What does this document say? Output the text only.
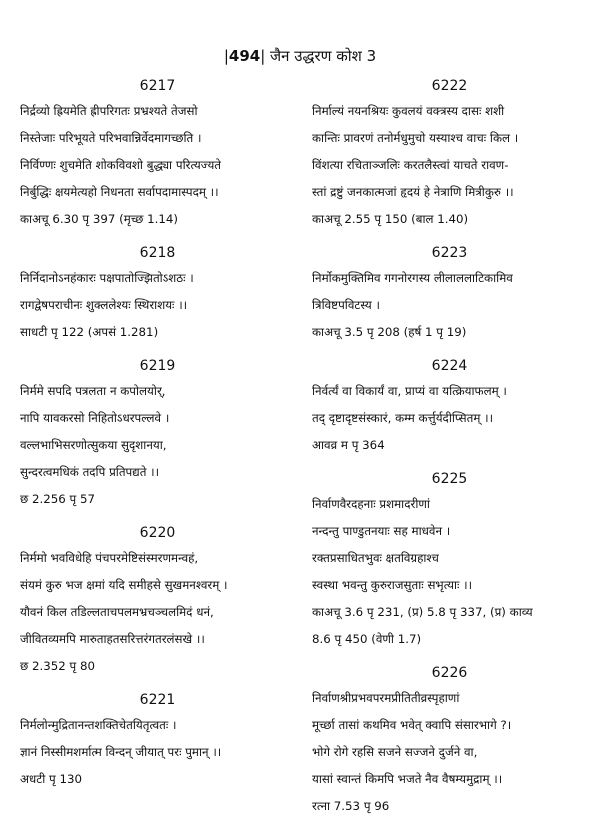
|494| जैन उद्धरण कोश 3
6217
निर्द्रव्यो ह्रियमेति ह्रीपरिगतः प्रभ्रश्यते तेजसो
निस्तेजाः परिभूयते परिभवान्निर्वेदमागच्छति ।
निर्विण्णः शुचमेति शोकविवशो बुद्ध्या परित्यज्यते
निर्बुद्धिः क्षयमेत्यहो निधनता सर्वापदामास्पदम् ।।
काअचू 6.30 पृ 397 (मृच्छ 1.14)
6218
निर्निदानोऽनहंकारः पक्षपातोज्झितोऽशठः ।
रागद्वेषपराचीनः शुक्ललेश्यः स्थिराशयः ।।
साधटी पृ 122 (अपसं 1.281)
6219
निर्ममे सपदि पत्रलता न कपोलयोर्,
नापि यावकरसो निहितोऽधरपल्लवे ।
वल्लभाभिसरणोत्सुकया सुदृशानया,
सुन्दरत्वमधिकं तदपि प्रतिपद्यते ।।
छ 2.256 पृ 57
6220
निर्ममो भवविधेहि पंचपरमेष्टिसंस्मरणमन्वहं,
संयमं कुरु भज क्षमां यदि समीहसे सुखमनश्वरम् ।
यौवनं किल तडिल्लताचपलमभ्रचञ्चलमिदं धनं,
जीवितव्यमपि मारुताहतसरित्तरंगतरलंसखे ।।
छ 2.352 पृ 80
6221
निर्मलोन्मुद्रितानन्तशक्तिचेतयितृत्वतः ।
ज्ञानं निस्सीमशर्मात्म विन्दन् जीयात् परः पुमान् ।।
अधटी पृ 130
6222
निर्माल्यं नयनश्रियः कुवलयं वक्त्रस्य दासः शशी
कान्तिः प्रावरणं तनोर्मधुमुचो यस्याश्च वाचः किल ।
विंशत्या रचिताञ्जलिः करतलैस्त्वां याचते रावण-
स्तां द्रष्टुं जनकात्मजां हृदयं हे नेत्राणि मित्रीकुरु ।।
काअचू 2.55 पृ 150 (बाल 1.40)
6223
निर्मोकमुक्तिमिव गगनोरगस्य लीलाललाटिकामिव
त्रिविष्टपविटस्य ।
काअचू 3.5 पृ 208 (हर्ष 1 पृ 19)
6224
निर्वर्त्यं वा विकार्यं वा, प्राप्यं वा यत्क्रियाफलम् ।
तद् दृष्टादृष्टसंस्कारं, कम्म कर्त्तुर्यदीप्सितम् ।।
आवव्र म पृ 364
6225
निर्वाणवैरदहनाः प्रशमादरीणां
नन्दन्तु पाण्डुतनयाः सह माधवेन ।
रक्तप्रसाधितभुवः क्षतविग्रहाश्च
स्वस्था भवन्तु कुरुराजसुताः सभृत्याः ।।
काअचू 3.6 पृ 231, (प्र) 5.8 पृ 337, (प्र) काव्य
8.6 पृ 450 (वेणी 1.7)
6226
निर्वाणश्रीप्रभवपरमप्रीतितीव्रस्पृहाणां
मूर्च्छा तासां कथमिव भवेत् क्वापि संसारभागे ?।
भोगे रोगे रहसि सजने सज्जने दुर्जने वा,
यासां स्वान्तं किमपि भजते नैव वैषम्यमुद्राम् ।।
रत्ना 7.53 पृ 96
